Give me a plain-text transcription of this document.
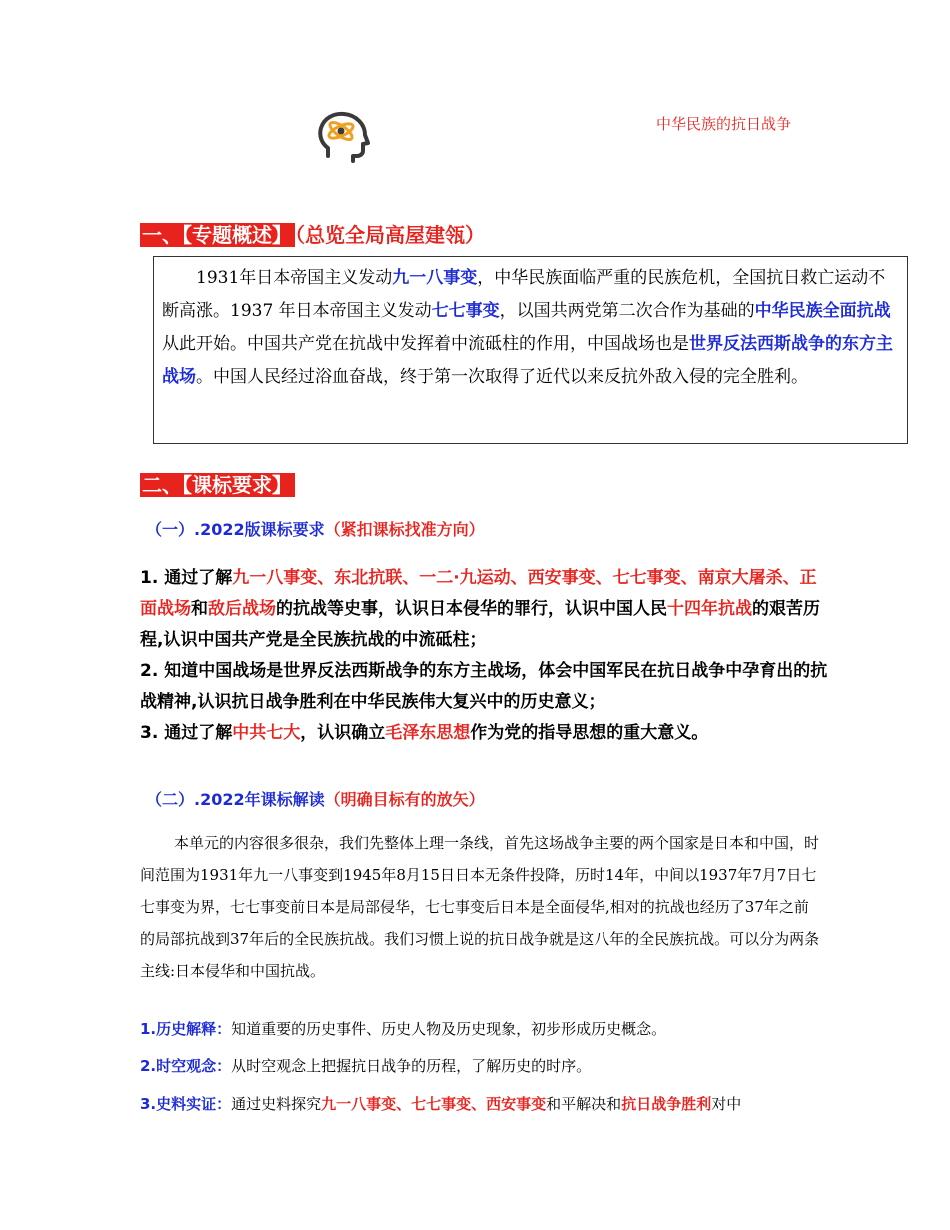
中华民族的抗日战争
一、【专题概述】 （总览全局高屋建瓴）
1931年日本帝国主义发动九一八事变，中华民族面临严重的民族危机，全国抗日救亡运动不断高涨。1937 年日本帝国主义发动七七事变，以国共两党第二次合作为基础的中华民族全面抗战从此开始。中国共产党在抗战中发挥着中流砥柱的作用，中国战场也是世界反法西斯战争的东方主战场。中国人民经过浴血奋战，终于第一次取得了近代以来反抗外敌入侵的完全胜利。
二、【课标要求】
（一）.2022版课标要求（紧扣课标找准方向）
1. 通过了解九一八事变、东北抗联、一二·九运动、西安事变、七七事变、南京大屠杀、正面战场和敌后战场的抗战等史事，认识日本侵华的罪行，认识中国人民十四年抗战的艰苦历程,认识中国共产党是全民族抗战的中流砥柱；
2. 知道中国战场是世界反法西斯战争的东方主战场，体会中国军民在抗日战争中孕育出的抗战精神,认识抗日战争胜利在中华民族伟大复兴中的历史意义；
3. 通过了解中共七大，认识确立毛泽东思想作为党的指导思想的重大意义。
（二）.2022年课标解读（明确目标有的放矢）
本单元的内容很多很杂，我们先整体上理一条线，首先这场战争主要的两个国家是日本和中国，时间范围为1931年九一八事变到1945年8月15日日本无条件投降，历时14年，中间以1937年7月7日七七事变为界，七七事变前日本是局部侵华，七七事变后日本是全面侵华,相对的抗战也经历了37年之前的局部抗战到37年后的全民族抗战。我们习惯上说的抗日战争就是这八年的全民族抗战。可以分为两条主线:日本侵华和中国抗战。
1.历史解释：知道重要的历史事件、历史人物及历史现象，初步形成历史概念。
2.时空观念：从时空观念上把握抗日战争的历程，了解历史的时序。
3.史料实证：通过史料探究九一八事变、七七事变、西安事变和平解决和抗日战争胜利对中
